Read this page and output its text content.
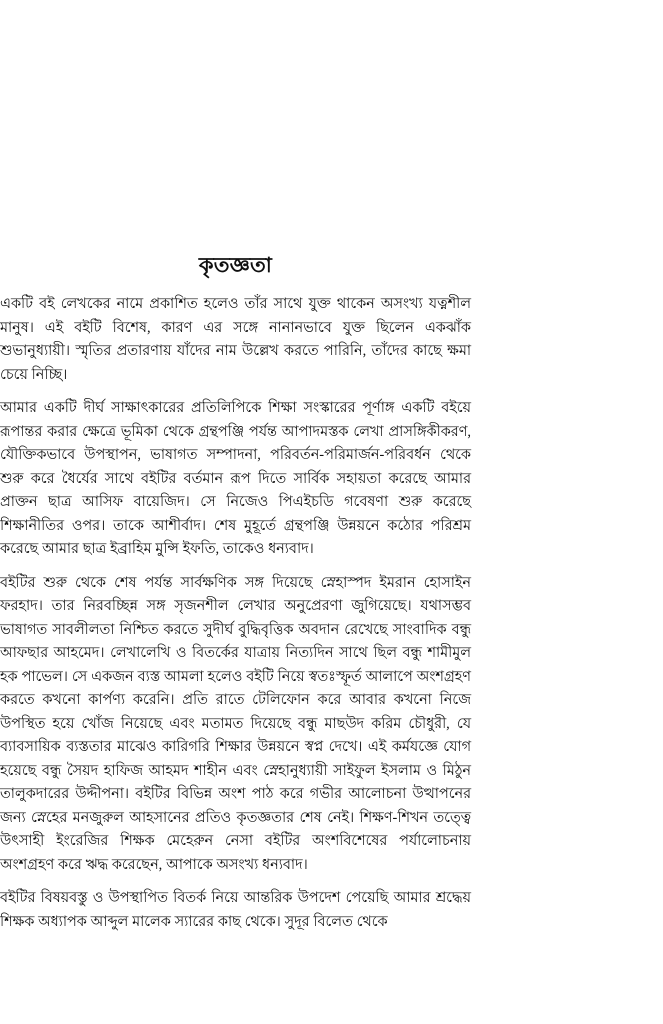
কৃতজ্ঞতা

একটি বই লেখকের নামে প্রকাশিত হলেও তাঁর সাথে যুক্ত থাকেন অসংখ্য যত্নশীল মানুষ। এই বইটি বিশেষ, কারণ এর সঙ্গে নানানভাবে যুক্ত ছিলেন একঝাঁক শুভানুধ্যায়ী। স্মৃতির প্রতারণায় যাঁদের নাম উল্লেখ করতে পারিনি, তাঁদের কাছে ক্ষমা চেয়ে নিচ্ছি।

আমার একটি দীর্ঘ সাক্ষাৎকারের প্রতিলিপিকে শিক্ষা সংস্কারের পূর্ণাঙ্গ একটি বইয়ে রূপান্তর করার ক্ষেত্রে ভূমিকা থেকে গ্রন্থপঞ্জি পর্যন্ত আপাদমস্তক লেখা প্রাসঙ্গিকীকরণ, যৌক্তিকভাবে উপস্থাপন, ভাষাগত সম্পাদনা, পরিবর্তন-পরিমার্জন-পরিবর্ধন থেকে শুরু করে ধৈর্যের সাথে বইটির বর্তমান রূপ দিতে সার্বিক সহায়তা করেছে আমার প্রাক্তন ছাত্র আসিফ বায়েজিদ। সে নিজেও পিএইচডি গবেষণা শুরু করেছে শিক্ষানীতির ওপর। তাকে আশীর্বাদ। শেষ মুহূর্তে গ্রন্থপঞ্জি উন্নয়নে কঠোর পরিশ্রম করেছে আমার ছাত্র ইব্রাহিম মুন্সি ইফতি, তাকেও ধন্যবাদ।

বইটির শুরু থেকে শেষ পর্যন্ত সার্বক্ষণিক সঙ্গ দিয়েছে স্নেহাস্পদ ইমরান হোসাইন ফরহাদ। তার নিরবচ্ছিন্ন সঙ্গ সৃজনশীল লেখার অনুপ্রেরণা জুগিয়েছে। যথাসম্ভব ভাষাগত সাবলীলতা নিশ্চিত করতে সুদীর্ঘ বুদ্ধিবৃত্তিক অবদান রেখেছে সাংবাদিক বন্ধু আফছার আহমেদ। লেখালেখি ও বিতর্কের যাত্রায় নিত্যদিন সাথে ছিল বন্ধু শামীমুল হক পাভেল। সে একজন ব্যস্ত আমলা হলেও বইটি নিয়ে স্বতঃস্ফূর্ত আলাপে অংশগ্রহণ করতে কখনো কার্পণ্য করেনি। প্রতি রাতে টেলিফোন করে আবার কখনো নিজে উপস্থিত হয়ে খোঁজ নিয়েছে এবং মতামত দিয়েছে বন্ধু মাছউদ করিম চৌধুরী, যে ব্যাবসায়িক ব্যস্ততার মাঝেও কারিগরি শিক্ষার উন্নয়নে স্বপ্ন দেখে। এই কর্মযজ্ঞে যোগ হয়েছে বন্ধু সৈয়দ হাফিজ আহমদ শাহীন এবং স্নেহানুধ্যায়ী সাইফুল ইসলাম ও মিঠুন তালুকদারের উদ্দীপনা। বইটির বিভিন্ন অংশ পাঠ করে গভীর আলোচনা উত্থাপনের জন্য স্নেহের মনজুরুল আহসানের প্রতিও কৃতজ্ঞতার শেষ নেই। শিক্ষণ-শিখন তত্ত্বে উৎসাহী ইংরেজির শিক্ষক মেহেরুন নেসা বইটির অংশবিশেষের পর্যালোচনায় অংশগ্রহণ করে ঋদ্ধ করেছেন, আপাকে অসংখ্য ধন্যবাদ।

বইটির বিষয়বস্তু ও উপস্থাপিত বিতর্ক নিয়ে আন্তরিক উপদেশ পেয়েছি আমার শ্রদ্ধেয় শিক্ষক অধ্যাপক আব্দুল মালেক স্যারের কাছ থেকে। সুদূর বিলেত থেকে
